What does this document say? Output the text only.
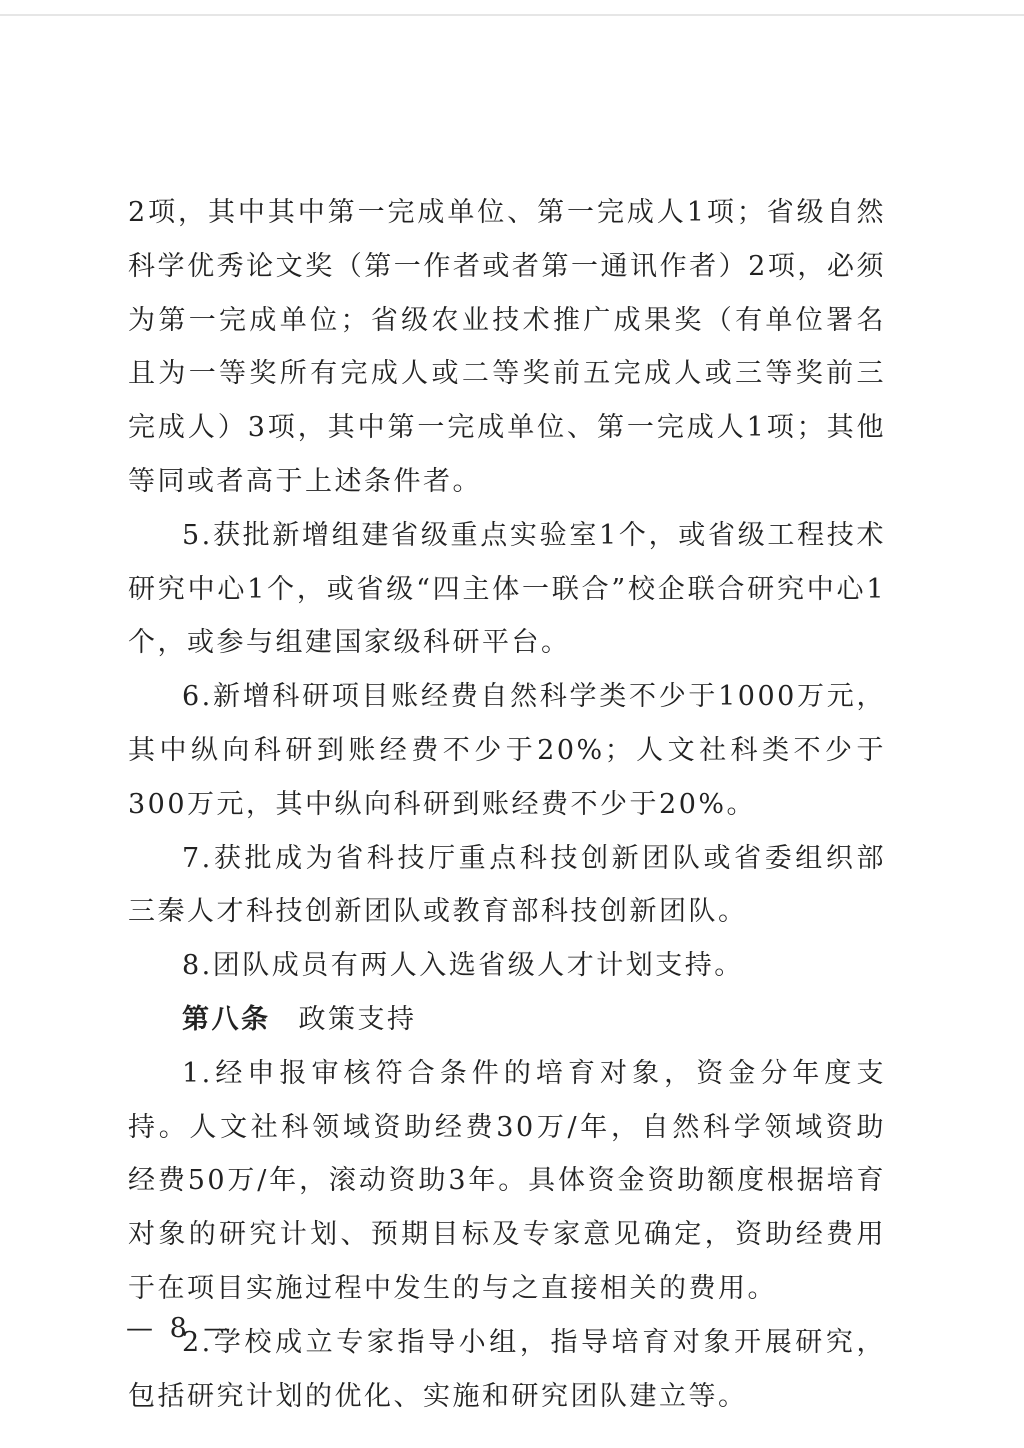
2项，其中其中第一完成单位、第一完成人1项；省级自然科学优秀论文奖（第一作者或者第一通讯作者）2项，必须为第一完成单位；省级农业技术推广成果奖（有单位署名且为一等奖所有完成人或二等奖前五完成人或三等奖前三完成人）3项，其中第一完成单位、第一完成人1项；其他等同或者高于上述条件者。

5.获批新增组建省级重点实验室1个，或省级工程技术研究中心1个，或省级“四主体一联合”校企联合研究中心1个，或参与组建国家级科研平台。

6.新增科研项目账经费自然科学类不少于1000万元，其中纵向科研到账经费不少于20%；人文社科类不少于300万元，其中纵向科研到账经费不少于20%。

7.获批成为省科技厅重点科技创新团队或省委组织部三秦人才科技创新团队或教育部科技创新团队。

8.团队成员有两人入选省级人才计划支持。

第八条 政策支持

1.经申报审核符合条件的培育对象，资金分年度支持。人文社科领域资助经费30万/年，自然科学领域资助经费50万/年，滚动资助3年。具体资金资助额度根据培育对象的研究计划、预期目标及专家意见确定，资助经费用于在项目实施过程中发生的与之直接相关的费用。

2.学校成立专家指导小组，指导培育对象开展研究，包括研究计划的优化、实施和研究团队建立等。

— 8 —
